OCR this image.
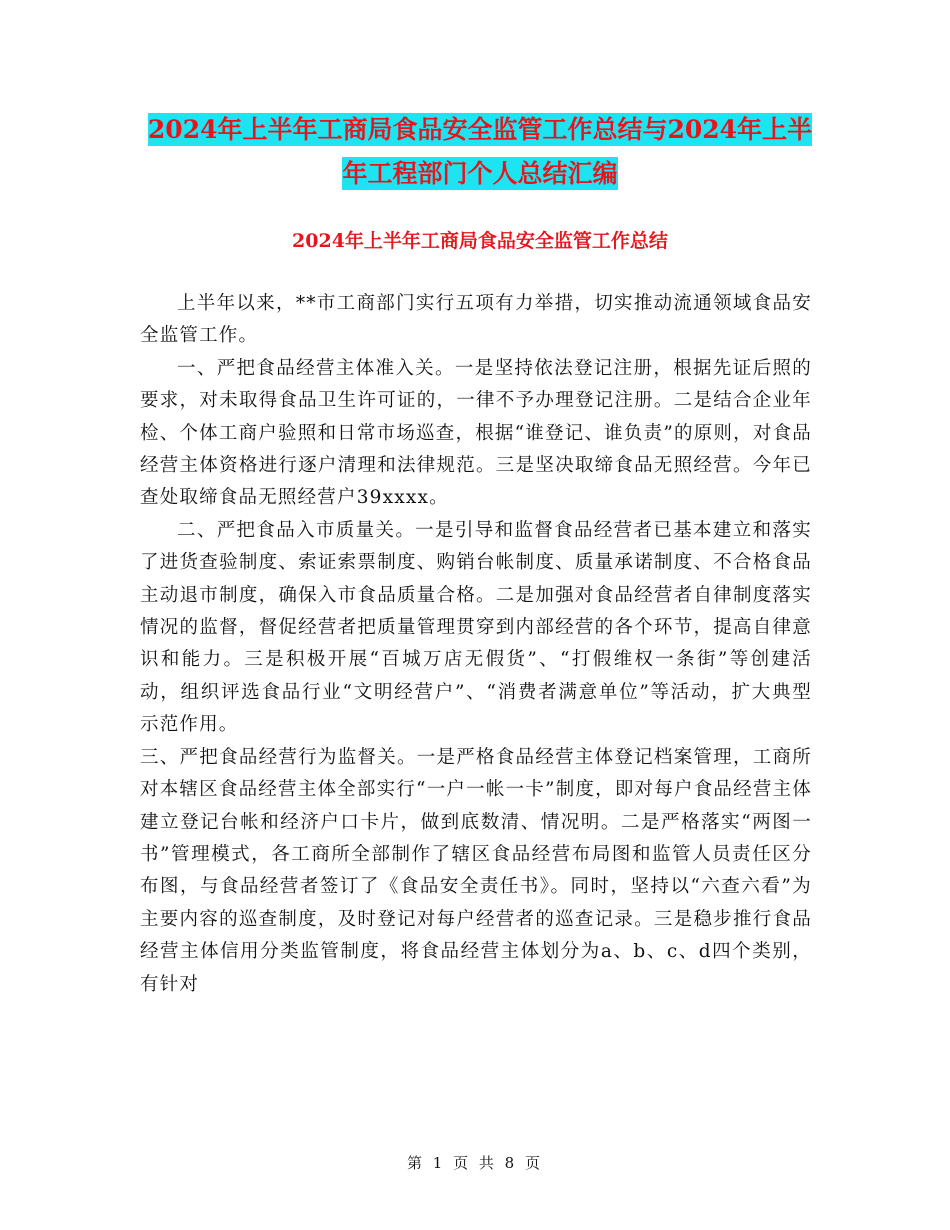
2024年上半年工商局食品安全监管工作总结与2024年上半年工程部门个人总结汇编
2024年上半年工商局食品安全监管工作总结

上半年以来，**市工商部门实行五项有力举措，切实推动流通领域食品安全监管工作。

一、严把食品经营主体准入关。一是坚持依法登记注册，根据先证后照的要求，对未取得食品卫生许可证的，一律不予办理登记注册。二是结合企业年检、个体工商户验照和日常市场巡查，根据“谁登记、谁负责”的原则，对食品经营主体资格进行逐户清理和法律规范。三是坚决取缔食品无照经营。今年已查处取缔食品无照经营户39xxxx。

二、严把食品入市质量关。一是引导和监督食品经营者已基本建立和落实了进货查验制度、索证索票制度、购销台帐制度、质量承诺制度、不合格食品主动退市制度，确保入市食品质量合格。二是加强对食品经营者自律制度落实情况的监督，督促经营者把质量管理贯穿到内部经营的各个环节，提高自律意识和能力。三是积极开展“百城万店无假货”、“打假维权一条街”等创建活动，组织评选食品行业“文明经营户”、“消费者满意单位”等活动，扩大典型示范作用。

三、严把食品经营行为监督关。一是严格食品经营主体登记档案管理，工商所对本辖区食品经营主体全部实行“一户一帐一卡”制度，即对每户食品经营主体建立登记台帐和经济户口卡片，做到底数清、情况明。二是严格落实“两图一书”管理模式，各工商所全部制作了辖区食品经营布局图和监管人员责任区分布图，与食品经营者签订了《食品安全责任书》。同时，坚持以“六查六看”为主要内容的巡查制度，及时登记对每户经营者的巡查记录。三是稳步推行食品经营主体信用分类监管制度，将食品经营主体划分为a、b、c、d四个类别，有针对

第 1 页 共 8 页
